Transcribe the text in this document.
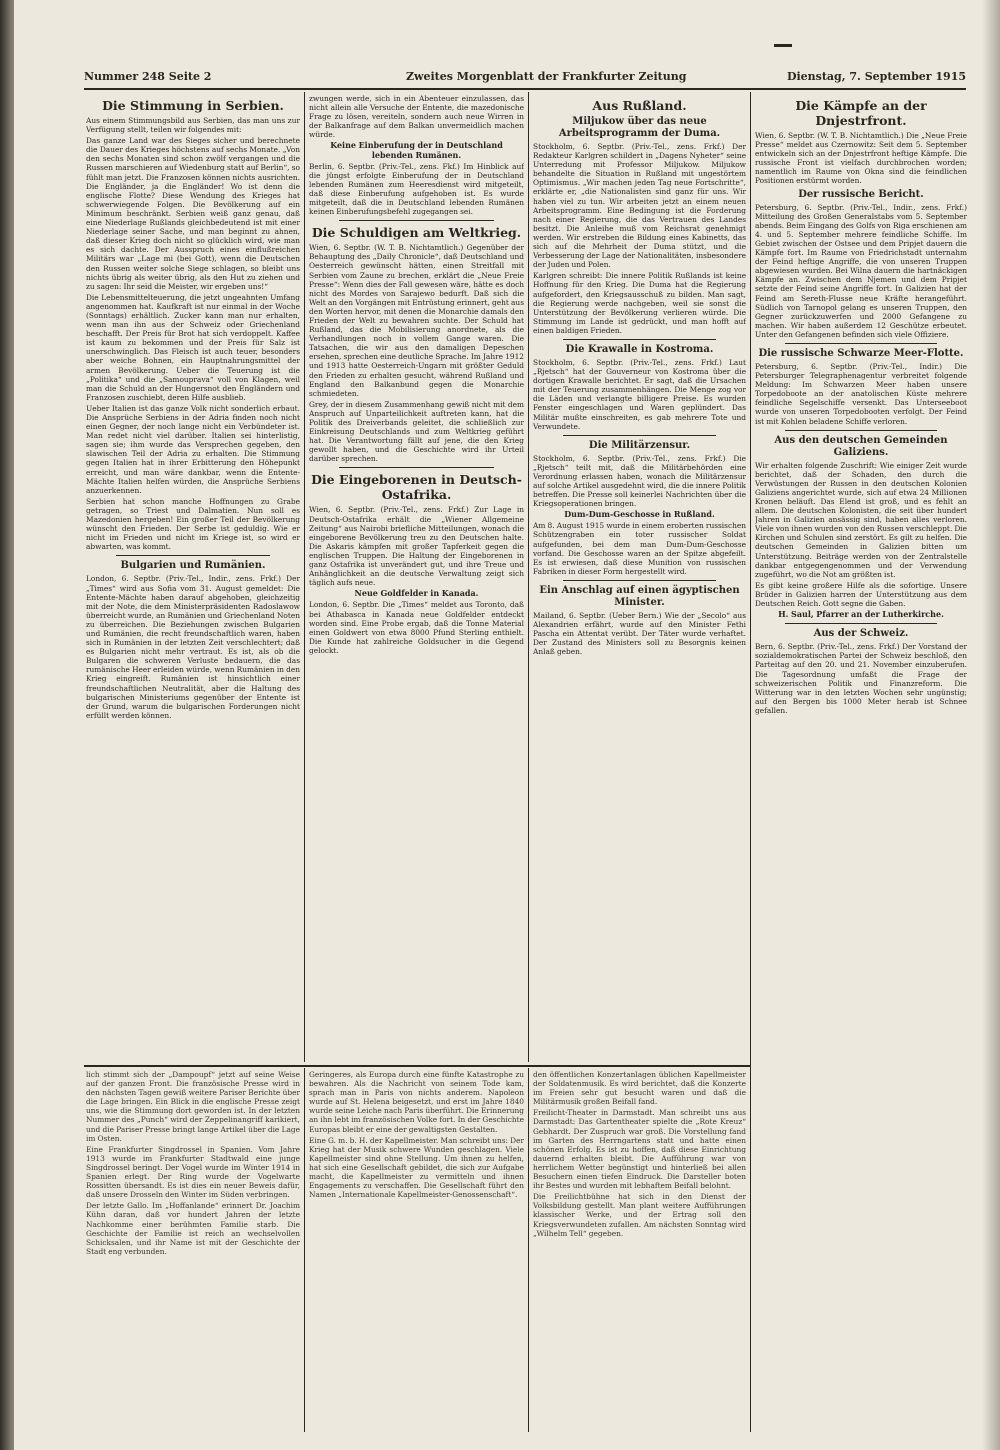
Nummer 248 Seite 2	Zweites Morgenblatt der Frankfurter Zeitung	Dienstag, 7. September 1915
Die Stimmung in Serbien.

Aus einem Stimmungsbild aus Serbien, das man uns zur Verfügung stellt, teilen wir folgendes mit:

Das ganze Land war des Sieges sicher und berechnete die Dauer des Krieges höchstens auf sechs Monate. „Von den sechs Monaten sind schon zwölf vergangen und die Russen marschieren auf Wiedenburg statt auf Berlin“, so fühlt man jetzt. Die Franzosen können nichts ausrichten. Die Engländer, ja die Engländer! Wo ist denn die englische Flotte? Diese Wendung des Krieges hat schwerwiegende Folgen. Die Bevölkerung auf ein Minimum beschränkt. Serbien weiß ganz genau, daß eine Niederlage Rußlands gleichbedeutend ist mit einer Niederlage seiner Sache, und man beginnt zu ahnen, daß dieser Krieg doch nicht so glücklich wird, wie man es sich dachte. Der Ausspruch eines einflußreichen Militärs war „Lage mi (bei Gott), wenn die Deutschen den Russen weiter solche Siege schlagen, so bleibt uns nichts übrig als weiter übrig, als den Hut zu ziehen und zu sagen: Ihr seid die Meister, wir ergeben uns!“

Die Lebensmittelteuerung, die jetzt ungeahnten Umfang angenommen hat. Kaufkraft ist nur einmal in der Woche (Sonntags) erhältlich. Zucker kann man nur erhalten, wenn man ihn aus der Schweiz oder Griechenland beschafft. Der Preis für Brot hat sich verdoppelt. Kaffee ist kaum zu bekommen und der Preis für Salz ist unerschwinglich. Das Fleisch ist auch teuer, besonders aber weiche Bohnen, ein Hauptnahrungsmittel der armen Bevölkerung. Ueber die Teuerung ist die „Politika“ und die „Samouprava“ voll von Klagen, weil man die Schuld an der Hungersnot den Engländern und Franzosen zuschiebt, deren Hilfe ausblieb.

Ueber Italien ist das ganze Volk nicht sonderlich erbaut. Die Ansprüche Serbiens in der Adria finden noch nicht einen Gegner, der noch lange nicht ein Verbündeter ist. Man redet nicht viel darüber. Italien sei hinterlistig, sagen sie; ihm wurde das Versprechen gegeben, den slawischen Teil der Adria zu erhalten. Die Stimmung gegen Italien hat in ihrer Erbitterung den Höhepunkt erreicht, und man wäre dankbar, wenn die Entente-Mächte Italien helfen würden, die Ansprüche Serbiens anzuerkennen.

Serbien hat schon manche Hoffnungen zu Grabe getragen, so Triest und Dalmatien. Nun soll es Mazedonien hergeben! Ein großer Teil der Bevölkerung wünscht den Frieden. Der Serbe ist geduldig. Wie er nicht im Frieden und nicht im Kriege ist, so wird er abwarten, was kommt.

Bulgarien und Rumänien.

London, 6. Septbr. (Priv.-Tel., Indir., zens. Frkf.) Der „Times“ wird aus Sofia vom 31. August gemeldet: Die Entente-Mächte haben darauf abgehoben, gleichzeitig mit der Note, die dem Ministerpräsidenten Radoslawow überreicht wurde, an Rumänien und Griechenland Noten zu überreichen. Die Beziehungen zwischen Bulgarien und Rumänien, die recht freundschaftlich waren, haben sich in Rumänien in der letzten Zeit verschlechtert; daß es Bulgarien nicht mehr vertraut. Es ist, als ob die Bulgaren die schweren Verluste bedauern, die das rumänische Heer erleiden würde, wenn Rumänien in den Krieg eingreift. Rumänien ist hinsichtlich einer freundschaftlichen Neutralität, aber die Haltung des bulgarischen Ministeriums gegenüber der Entente ist der Grund, warum die bulgarischen Forderungen nicht erfüllt werden können.

zwungen werde, sich in ein Abenteuer einzulassen, das nicht allein alle Versuche der Entente, die mazedonische Frage zu lösen, vereiteln, sondern auch neue Wirren in der Balkanfrage auf dem Balkan unvermeidlich machen würde.

Keine Einberufung der in Deutschland lebenden Rumänen.

Berlin, 6. Septbr. (Priv.-Tel., zens. Fkf.) Im Hinblick auf die jüngst erfolgte Einberufung der in Deutschland lebenden Rumänen zum Heeresdienst wird mitgeteilt, daß diese Einberufung aufgehoben ist. Es wurde mitgeteilt, daß die in Deutschland lebenden Rumänen keinen Einberufungsbefehl zugegangen sei.

Die Schuldigen am Weltkrieg.

Wien, 6. Septbr. (W. T. B. Nichtamtlich.) Gegenüber der Behauptung des „Daily Chronicle“, daß Deutschland und Oesterreich gewünscht hätten, einen Streitfall mit Serbien vom Zaune zu brechen, erklärt die „Neue Freie Presse“: Wenn dies der Fall gewesen wäre, hätte es doch nicht des Mordes von Sarajewo bedurft. Daß sich die Welt an den Vorgängen mit Entrüstung erinnert, geht aus den Worten hervor, mit denen die Monarchie damals den Frieden der Welt zu bewahren suchte. Der Schuld hat Rußland, das die Mobilisierung anordnete, als die Verhandlungen noch in vollem Gange waren. Die Tatsachen, die wir aus den damaligen Depeschen ersehen, sprechen eine deutliche Sprache. Im Jahre 1912 und 1913 hatte Oesterreich-Ungarn mit größter Geduld den Frieden zu erhalten gesucht, während Rußland und England den Balkanbund gegen die Monarchie schmiedeten.

Grey, der in diesem Zusammenhang gewiß nicht mit dem Anspruch auf Unparteilichkeit auftreten kann, hat die Politik des Dreiverbands geleitet, die schließlich zur Einkreisung Deutschlands und zum Weltkrieg geführt hat. Die Verantwortung fällt auf jene, die den Krieg gewollt haben, und die Geschichte wird ihr Urteil darüber sprechen.

Die Eingeborenen in Deutsch-Ostafrika.

Wien, 6. Septbr. (Priv.-Tel., zens. Frkf.) Zur Lage in Deutsch-Ostafrika erhält die „Wiener Allgemeine Zeitung“ aus Nairobi briefliche Mitteilungen, wonach die eingeborene Bevölkerung treu zu den Deutschen halte. Die Askaris kämpfen mit großer Tapferkeit gegen die englischen Truppen. Die Haltung der Eingeborenen in ganz Ostafrika ist unverändert gut, und ihre Treue und Anhänglichkeit an die deutsche Verwaltung zeigt sich täglich aufs neue.

Neue Goldfelder in Kanada.

London, 6. Septbr. Die „Times“ meldet aus Toronto, daß bei Athabasca in Kanada neue Goldfelder entdeckt worden sind. Eine Probe ergab, daß die Tonne Material einen Goldwert von etwa 8000 Pfund Sterling enthielt. Die Kunde hat zahlreiche Goldsucher in die Gegend gelockt.

Aus Rußland.
Miljukow über das neue Arbeitsprogramm der Duma.

Stockholm, 6. Septbr. (Priv.-Tel., zens. Frkf.) Der Redakteur Karlgren schildert in „Dagens Nyheter“ seine Unterredung mit Professor Miljukow. Miljukow behandelte die Situation in Rußland mit ungestörtem Optimismus. „Wir machen jeden Tag neue Fortschritte“, erklärte er, „die Nationalisten sind ganz für uns. Wir haben viel zu tun. Wir arbeiten jetzt an einem neuen Arbeitsprogramm. Eine Bedingung ist die Forderung nach einer Regierung, die das Vertrauen des Landes besitzt. Die Anleihe muß vom Reichsrat genehmigt werden. Wir erstreben die Bildung eines Kabinetts, das sich auf die Mehrheit der Duma stützt, und die Verbesserung der Lage der Nationalitäten, insbesondere der Juden und Polen.

Karlgren schreibt: Die innere Politik Rußlands ist keine Hoffnung für den Krieg. Die Duma hat die Regierung aufgefordert, den Kriegsausschuß zu bilden. Man sagt, die Regierung werde nachgeben, weil sie sonst die Unterstützung der Bevölkerung verlieren würde. Die Stimmung im Lande ist gedrückt, und man hofft auf einen baldigen Frieden.

Die Krawalle in Kostroma.

Stockholm, 6. Septbr. (Priv.-Tel., zens. Frkf.) Laut „Rjetsch“ hat der Gouverneur von Kostroma über die dortigen Krawalle berichtet. Er sagt, daß die Ursachen mit der Teuerung zusammenhängen. Die Menge zog vor die Läden und verlangte billigere Preise. Es wurden Fenster eingeschlagen und Waren geplündert. Das Militär mußte einschreiten, es gab mehrere Tote und Verwundete.

Die Militärzensur.

Stockholm, 6. Septbr. (Priv.-Tel., zens. Frkf.) Die „Rjetsch“ teilt mit, daß die Militärbehörden eine Verordnung erlassen haben, wonach die Militärzensur auf solche Artikel ausgedehnt wird, die die innere Politik betreffen. Die Presse soll keinerlei Nachrichten über die Kriegsoperationen bringen.

Dum-Dum-Geschosse in Rußland.

Am 8. August 1915 wurde in einem eroberten russischen Schützengraben ein toter russischer Soldat aufgefunden, bei dem man Dum-Dum-Geschosse vorfand. Die Geschosse waren an der Spitze abgefeilt. Es ist erwiesen, daß diese Munition von russischen Fabriken in dieser Form hergestellt wird.

Ein Anschlag auf einen ägyptischen Minister.

Mailand, 6. Septbr. (Ueber Bern.) Wie der „Secolo“ aus Alexandrien erfährt, wurde auf den Minister Fethi Pascha ein Attentat verübt. Der Täter wurde verhaftet. Der Zustand des Ministers soll zu Besorgnis keinen Anlaß geben.

Die Kämpfe an der Dnjestrfront.

Wien, 6. Septbr. (W. T. B. Nichtamtlich.) Die „Neue Freie Presse“ meldet aus Czernowitz: Seit dem 5. September entwickeln sich an der Dnjestrfront heftige Kämpfe. Die russische Front ist vielfach durchbrochen worden; namentlich im Raume von Okna sind die feindlichen Positionen erstürmt worden.

Der russische Bericht.

Petersburg, 6. Septbr. (Priv.-Tel., Indir., zens. Frkf.) Mitteilung des Großen Generalstabs vom 5. September abends. Beim Eingang des Golfs von Riga erschienen am 4. und 5. September mehrere feindliche Schiffe. Im Gebiet zwischen der Ostsee und dem Pripjet dauern die Kämpfe fort. Im Raume von Friedrichstadt unternahm der Feind heftige Angriffe, die von unseren Truppen abgewiesen wurden. Bei Wilna dauern die hartnäckigen Kämpfe an. Zwischen dem Njemen und dem Pripjet setzte der Feind seine Angriffe fort. In Galizien hat der Feind am Sereth-Flusse neue Kräfte herangeführt. Südlich von Tarnopol gelang es unseren Truppen, den Gegner zurückzuwerfen und 2000 Gefangene zu machen. Wir haben außerdem 12 Geschütze erbeutet. Unter den Gefangenen befinden sich viele Offiziere.

Die russische Schwarze Meer-Flotte.

Petersburg, 6. Septbr. (Priv.-Tel., Indir.) Die Petersburger Telegraphenagentur verbreitet folgende Meldung: Im Schwarzen Meer haben unsere Torpedoboote an der anatolischen Küste mehrere feindliche Segelschiffe versenkt. Das Unterseeboot wurde von unseren Torpedobooten verfolgt. Der Feind ist mit Kohlen beladene Schiffe verloren.

Aus den deutschen Gemeinden Galiziens.

Wir erhalten folgende Zuschrift: Wie einiger Zeit wurde berichtet, daß der Schaden, den durch die Verwüstungen der Russen in den deutschen Kolonien Galiziens angerichtet wurde, sich auf etwa 24 Millionen Kronen beläuft. Das Elend ist groß, und es fehlt an allem. Die deutschen Kolonisten, die seit über hundert Jahren in Galizien ansässig sind, haben alles verloren. Viele von ihnen wurden von den Russen verschleppt. Die Kirchen und Schulen sind zerstört. Es gilt zu helfen. Die deutschen Gemeinden in Galizien bitten um Unterstützung. Beiträge werden von der Zentralstelle dankbar entgegengenommen und der Verwendung zugeführt, wo die Not am größten ist.

Es gibt keine großere Hilfe als die sofortige. Unsere Brüder in Galizien harren der Unterstützung aus dem Deutschen Reich. Gott segne die Gaben.

H. Saul, Pfarrer an der Lutherkirche.

Aus der Schweiz.

Bern, 6. Septbr. (Priv.-Tel., zens. Frkf.) Der Vorstand der sozialdemokratischen Partei der Schweiz beschloß, den Parteitag auf den 20. und 21. November einzuberufen. Die Tagesordnung umfaßt die Frage der schweizerischen Politik und Finanzreform. Die Witterung war in den letzten Wochen sehr ungünstig; auf den Bergen bis 1000 Meter herab ist Schnee gefallen.

lich stimmt sich der „Dampoupf“ jetzt auf seine Weise auf der ganzen Front. Die französische Presse wird in den nächsten Tagen gewiß weitere Pariser Berichte über die Lage bringen. Ein Blick in die englische Presse zeigt uns, wie die Stimmung dort geworden ist. In der letzten Nummer des „Punch“ wird der Zeppelinangriff karikiert, und die Pariser Presse bringt lange Artikel über die Lage im Osten.

Eine Frankfurter Singdrossel in Spanien. Vom Jahre 1913 wurde im Frankfurter Stadtwald eine junge Singdrossel beringt. Der Vogel wurde im Winter 1914 in Spanien erlegt. Der Ring wurde der Vogelwarte Rossitten übersandt. Es ist dies ein neuer Beweis dafür, daß unsere Drosseln den Winter im Süden verbringen.

Der letzte Gallo. Im „Hoffanlande“ erinnert Dr. Joachim Kühn daran, daß vor hundert Jahren der letzte Nachkomme einer berühmten Familie starb. Die Geschichte der Familie ist reich an wechselvollen Schicksalen, und ihr Name ist mit der Geschichte der Stadt eng verbunden.

Geringeres, als Europa durch eine fünfte Katastrophe zu bewahren. Als die Nachricht von seinem Tode kam, sprach man in Paris von nichts anderem. Napoleon wurde auf St. Helena beigesetzt, und erst im Jahre 1840 wurde seine Leiche nach Paris überführt. Die Erinnerung an ihn lebt im französischen Volke fort. In der Geschichte Europas bleibt er eine der gewaltigsten Gestalten.

Eine G. m. b. H. der Kapellmeister. Man schreibt uns: Der Krieg hat der Musik schwere Wunden geschlagen. Viele Kapellmeister sind ohne Stellung. Um ihnen zu helfen, hat sich eine Gesellschaft gebildet, die sich zur Aufgabe macht, die Kapellmeister zu vermitteln und ihnen Engagements zu verschaffen. Die Gesellschaft führt den Namen „Internationale Kapellmeister-Genossenschaft“.

den öffentlichen Konzertanlagen üblichen Kapellmeister der Soldatenmusik. Es wird berichtet, daß die Konzerte im Freien sehr gut besucht waren und daß die Militärmusik großen Beifall fand.

Freilicht-Theater in Darmstadt. Man schreibt uns aus Darmstadt: Das Gartentheater spielte die „Rote Kreuz“ Gebhardt. Der Zuspruch war groß. Die Vorstellung fand im Garten des Herrngartens statt und hatte einen schönen Erfolg. Es ist zu hoffen, daß diese Einrichtung dauernd erhalten bleibt. Die Aufführung war von herrlichem Wetter begünstigt und hinterließ bei allen Besuchern einen tiefen Eindruck. Die Darsteller boten ihr Bestes und wurden mit lebhaftem Beifall belohnt.

Die Freilichtbühne hat sich in den Dienst der Volksbildung gestellt. Man plant weitere Aufführungen klassischer Werke, und der Ertrag soll den Kriegsverwundeten zufallen. Am nächsten Sonntag wird „Wilhelm Tell“ gegeben.
